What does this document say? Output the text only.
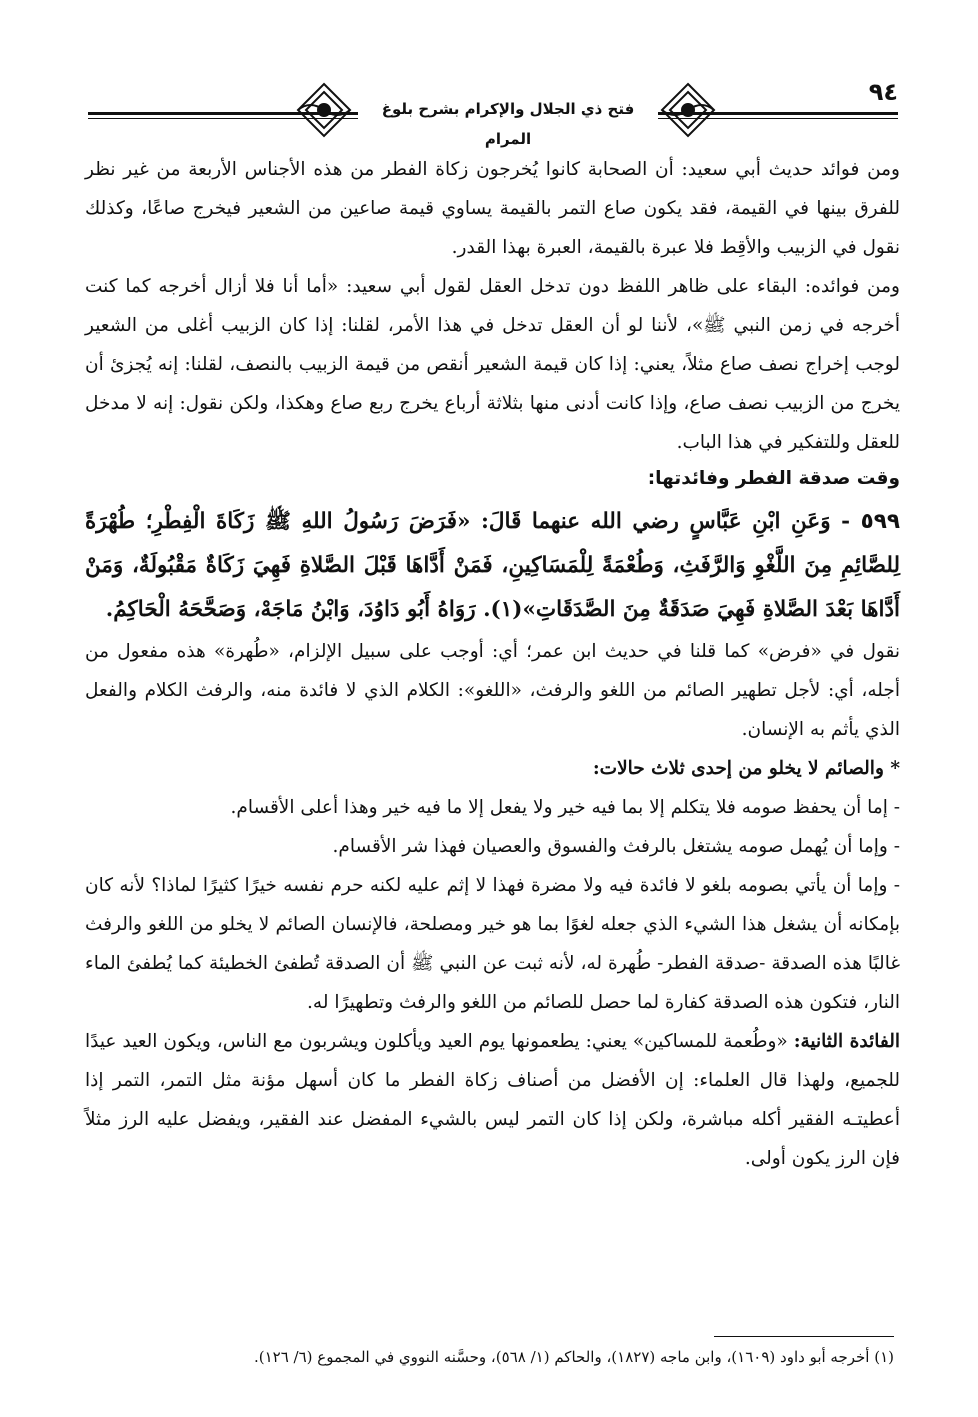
فتح ذي الجلال والإكرام بشرح بلوغ المرام
٩٤

ومن فوائد حديث أبي سعيد: أن الصحابة كانوا يُخرجون زكاة الفطر من هذه الأجناس الأربعة من غير نظر للفرق بينها في القيمة، فقد يكون صاع التمر بالقيمة يساوي قيمة صاعين من الشعير فيخرج صاعًا، وكذلك نقول في الزبيب والأقِط فلا عبرة بالقيمة، العبرة بهذا القدر.

ومن فوائده: البقاء على ظاهر اللفظ دون تدخل العقل لقول أبي سعيد: «أما أنا فلا أزال أخرجه كما كنت أخرجه في زمن النبي ﷺ»، لأننا لو أن العقل تدخل في هذا الأمر، لقلنا: إذا كان الزبيب أغلى من الشعير لوجب إخراج نصف صاع مثلاً، يعني: إذا كان قيمة الشعير أنقص من قيمة الزبيب بالنصف، لقلنا: إنه يُجزئ أن يخرج من الزبيب نصف صاع، وإذا كانت أدنى منها بثلاثة أرباع يخرج ربع صاع وهكذا، ولكن نقول: إنه لا مدخل للعقل وللتفكير في هذا الباب.

وقت صدقة الفطر وفائدتها:

٥٩٩ - وَعَنِ ابْنِ عَبَّاسٍ رضي الله عنهما قَالَ: «فَرَضَ رَسُولُ اللهِ ﷺ زَكَاةَ الْفِطْرِ؛ طُهْرَةً لِلصَّائِمِ مِنَ اللَّغْوِ وَالرَّفَثِ، وَطُعْمَةً لِلْمَسَاكِينِ، فَمَنْ أَدَّاهَا قَبْلَ الصَّلاةِ فَهِيَ زَكَاةٌ مَقْبُولَةٌ، وَمَنْ أَدَّاهَا بَعْدَ الصَّلاةِ فَهِيَ صَدَقَةٌ مِنَ الصَّدَقَاتِ»(١). رَوَاهُ أَبُو دَاوُدَ، وَابْنُ مَاجَهْ، وَصَحَّحَهُ الْحَاكِمُ.

نقول في «فرض» كما قلنا في حديث ابن عمر؛ أي: أوجب على سبيل الإلزام، «طُهرة» هذه مفعول من أجله، أي: لأجل تطهير الصائم من اللغو والرفث، «اللغو»: الكلام الذي لا فائدة منه، والرفث الكلام والفعل الذي يأثم به الإنسان.

* والصائم لا يخلو من إحدى ثلاث حالات:

- إما أن يحفظ صومه فلا يتكلم إلا بما فيه خير ولا يفعل إلا ما فيه خير وهذا أعلى الأقسام.

- وإما أن يُهمل صومه يشتغل بالرفث والفسوق والعصيان فهذا شر الأقسام.

- وإما أن يأتي بصومه بلغو لا فائدة فيه ولا مضرة فهذا لا إثم عليه لكنه حرم نفسه خيرًا كثيرًا لماذا؟ لأنه كان بإمكانه أن يشغل هذا الشيء الذي جعله لغوًا بما هو خير ومصلحة، فالإنسان الصائم لا يخلو من اللغو والرفث غالبًا هذه الصدقة -صدقة الفطر- طُهرة له، لأنه ثبت عن النبي ﷺ أن الصدقة تُطفئ الخطيئة كما يُطفئ الماء النار، فتكون هذه الصدقة كفارة لما حصل للصائم من اللغو والرفث وتطهيرًا له.

الفائدة الثانية: «وطُعمة للمساكين» يعني: يطعمونها يوم العيد ويأكلون ويشربون مع الناس، ويكون العيد عيدًا للجميع، ولهذا قال العلماء: إن الأفضل من أصناف زكاة الفطر ما كان أسهل مؤنة مثل التمر، التمر إذا أعطيتـه الفقير أكله مباشرة، ولكن إذا كان التمر ليس بالشيء المفضل عند الفقير، ويفضل عليه الرز مثلاً فإن الرز يكون أولى.

(١) أخرجه أبو داود (١٦٠٩)، وابن ماجه (١٨٢٧)، والحاكم (١/ ٥٦٨)، وحسَّنه النووي في المجموع (٦/ ١٢٦).
